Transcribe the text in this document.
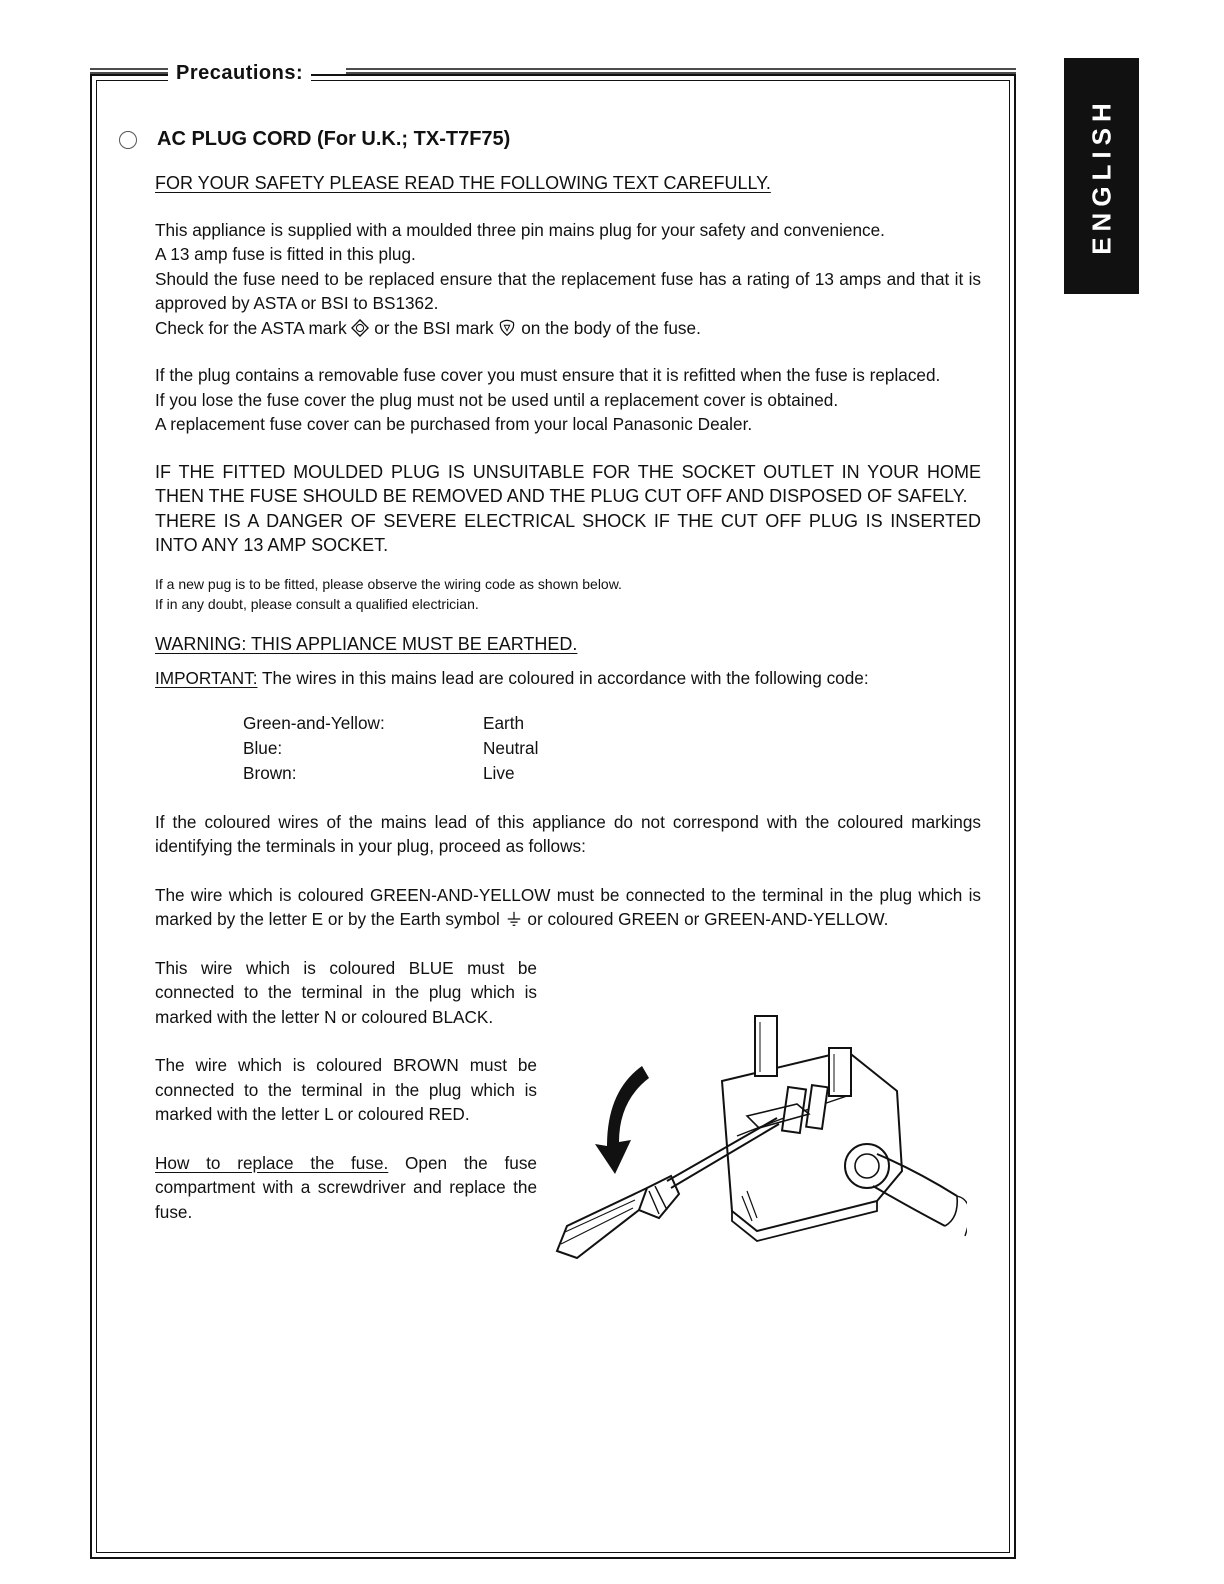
Precautions:
ENGLISH
AC PLUG CORD (For U.K.; TX-T7F75)

FOR YOUR SAFETY PLEASE READ THE FOLLOWING TEXT CAREFULLY.

This appliance is supplied with a moulded three pin mains plug for your safety and convenience.

A 13 amp fuse is fitted in this plug.

Should the fuse need to be replaced ensure that the replacement fuse has a rating of 13 amps and that it is approved by ASTA or BSI to BS1362.

Check for the ASTA mark or the BSI mark on the body of the fuse.

If the plug contains a removable fuse cover you must ensure that it is refitted when the fuse is replaced.

If you lose the fuse cover the plug must not be used until a replacement cover is obtained.

A replacement fuse cover can be purchased from your local Panasonic Dealer.

IF THE FITTED MOULDED PLUG IS UNSUITABLE FOR THE SOCKET OUTLET IN YOUR HOME THEN THE FUSE SHOULD BE REMOVED AND THE PLUG CUT OFF AND DISPOSED OF SAFELY.

THERE IS A DANGER OF SEVERE ELECTRICAL SHOCK IF THE CUT OFF PLUG IS INSERTED INTO ANY 13 AMP SOCKET.

If a new pug is to be fitted, please observe the wiring code as shown below.

If in any doubt, please consult a qualified electrician.

WARNING: THIS APPLIANCE MUST BE EARTHED.

IMPORTANT: The wires in this mains lead are coloured in accordance with the following code:

Green-and-Yellow:	Earth
Blue:	Neutral
Brown:	Live

If the coloured wires of the mains lead of this appliance do not correspond with the coloured markings identifying the terminals in your plug, proceed as follows:

The wire which is coloured GREEN-AND-YELLOW must be connected to the terminal in the plug which is marked by the letter E or by the Earth symbol or coloured GREEN or GREEN-AND-YELLOW.

This wire which is coloured BLUE must be connected to the terminal in the plug which is marked with the letter N or coloured BLACK.

The wire which is coloured BROWN must be connected to the terminal in the plug which is marked with the letter L or coloured RED.

How to replace the fuse. Open the fuse compartment with a screwdriver and replace the fuse.
